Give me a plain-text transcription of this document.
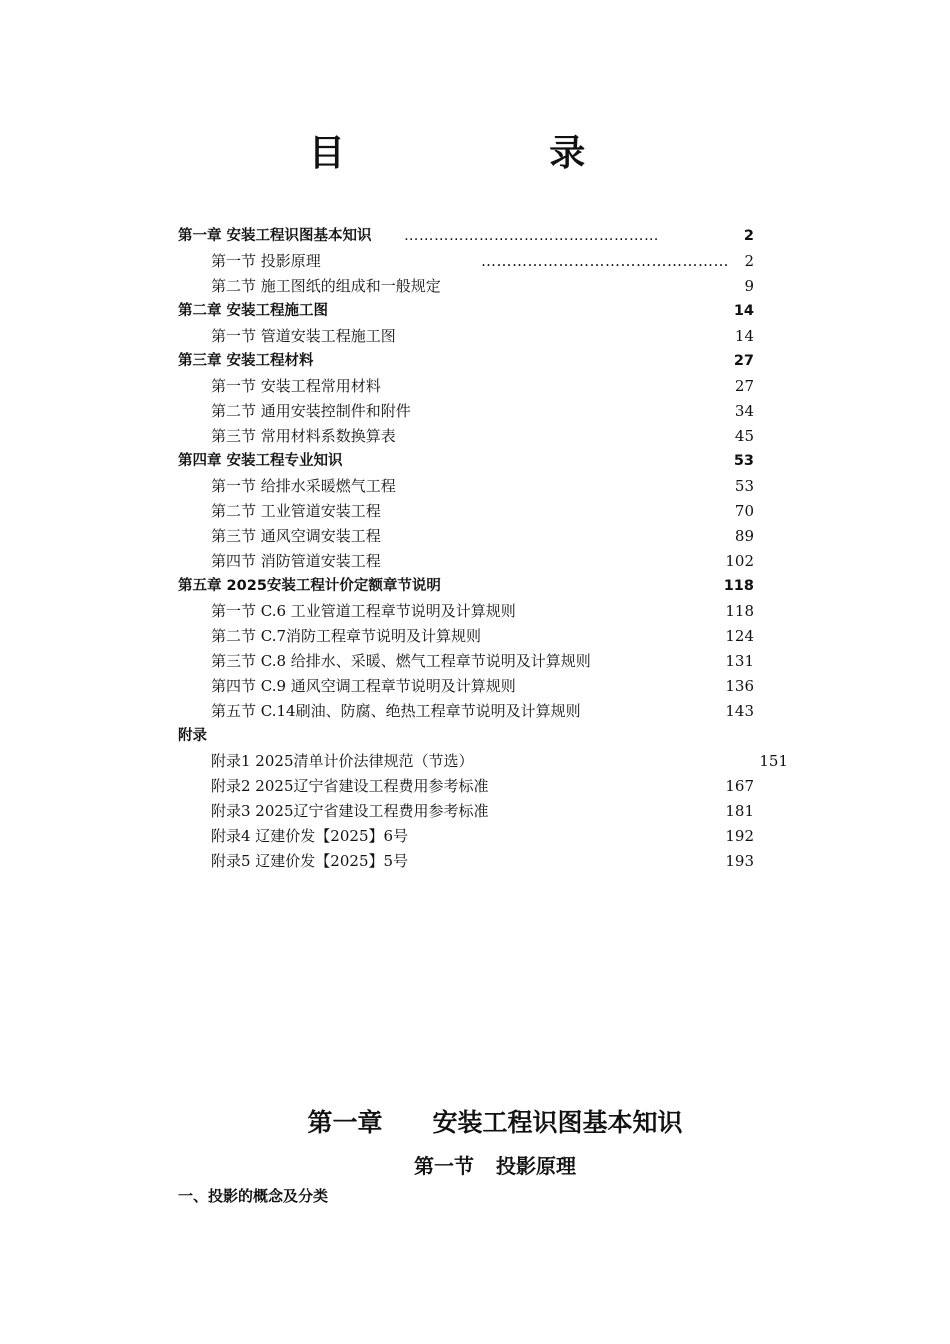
目 录
第一章 安装工程识图基本知识 ……………………………………………	2
第一节 投影原理	………………………………………… 2
第二节 施工图纸的组成和一般规定	9
第二章 安装工程施工图	14
第一节 管道安装工程施工图	14
第三章 安装工程材料	27
第一节 安装工程常用材料	27
第二节 通用安装控制件和附件	34
第三节 常用材料系数换算表	45
第四章 安装工程专业知识	53
第一节 给排水采暖燃气工程	53
第二节 工业管道安装工程	70
第三节 通风空调安装工程	89
第四节 消防管道安装工程	102
第五章 2025安装工程计价定额章节说明	118
第一节 C.6 工业管道工程章节说明及计算规则	118
第二节 C.7消防工程章节说明及计算规则	124
第三节 C.8 给排水、采暖、燃气工程章节说明及计算规则	131
第四节 C.9 通风空调工程章节说明及计算规则	136
第五节 C.14刷油、防腐、绝热工程章节说明及计算规则	143
附录
附录1 2025清单计价法律规范（节选）	151
附录2 2025辽宁省建设工程费用参考标准	167
附录3 2025辽宁省建设工程费用参考标准	181
附录4 辽建价发【2025】6号	192
附录5 辽建价发【2025】5号	193
第一章 安装工程识图基本知识
第一节 投影原理
一、投影的概念及分类
